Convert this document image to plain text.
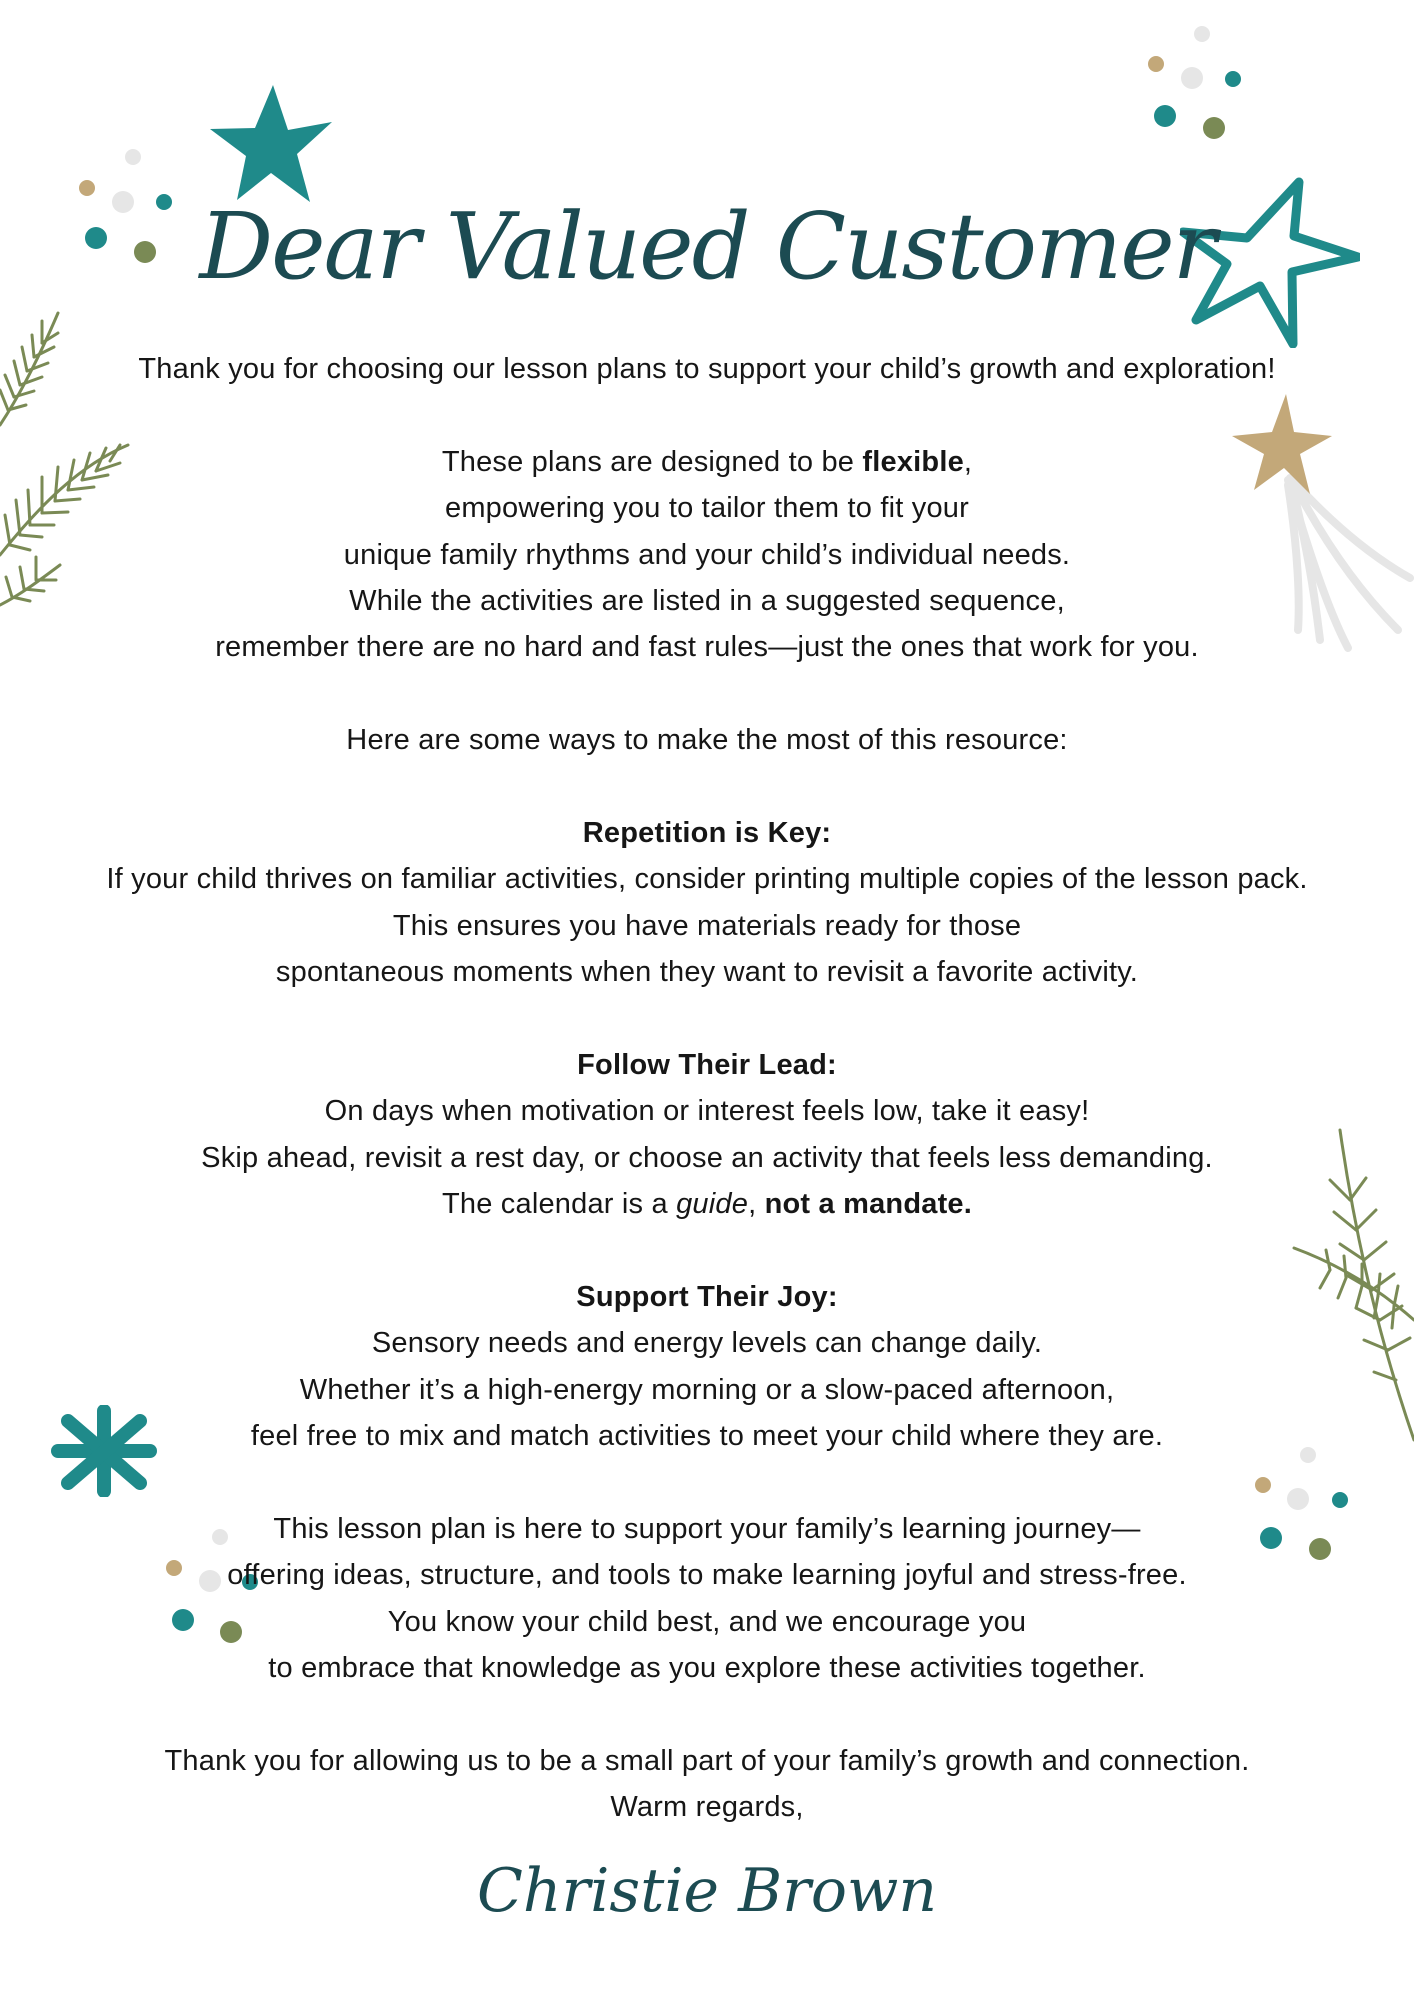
Dear Valued Customer
Thank you for choosing our lesson plans to support your child’s growth and exploration!
These plans are designed to be flexible,
empowering you to tailor them to fit your
unique family rhythms and your child’s individual needs.
While the activities are listed in a suggested sequence,
remember there are no hard and fast rules—just the ones that work for you.
Here are some ways to make the most of this resource:
Repetition is Key:
If your child thrives on familiar activities, consider printing multiple copies of the lesson pack.
This ensures you have materials ready for those
spontaneous moments when they want to revisit a favorite activity.
Follow Their Lead:
On days when motivation or interest feels low, take it easy!
Skip ahead, revisit a rest day, or choose an activity that feels less demanding.
The calendar is a guide, not a mandate.
Support Their Joy:
Sensory needs and energy levels can change daily.
Whether it’s a high-energy morning or a slow-paced afternoon,
feel free to mix and match activities to meet your child where they are.
This lesson plan is here to support your family’s learning journey—
offering ideas, structure, and tools to make learning joyful and stress-free.
You know your child best, and we encourage you
to embrace that knowledge as you explore these activities together.
Thank you for allowing us to be a small part of your family’s growth and connection.
Warm regards,
Christie Brown
